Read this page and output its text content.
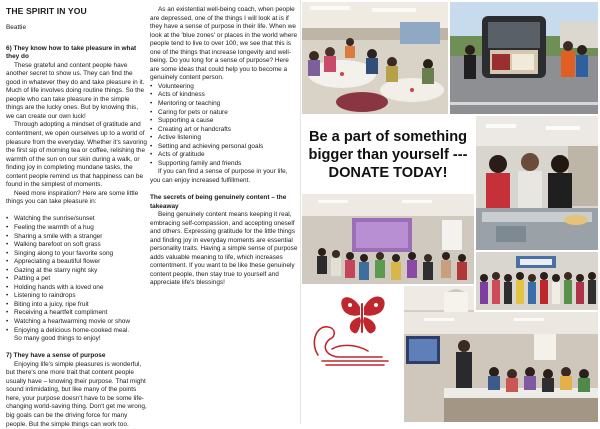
THE SPIRIT IN YOU
Beattie
6) They know how to take pleasure in what they do
These grateful and content people have another secret to show us. They can find the good in whatever they do and take pleasure in it. Much of life involves doing routine things. So the people who can take pleasure in the simple things are the lucky ones. But by knowing this, we can create our own luck!
Through adopting a mindset of gratitude and contentment, we open ourselves up to a world of pleasure from the everyday. Whether it's savoring the first sip of morning tea or coffee, relishing the warmth of the sun on our skin during a walk, or finding joy in completing mundane tasks, the content people remind us that happiness can be found in the simplest of moments.
Need more inspiration? Here are some little things you can take pleasure in:
• Watching the sunrise/sunset
• Feeling the warmth of a hug
• Sharing a smile with a stranger
• Walking barefoot on soft grass
• Singing along to your favorite song
• Appreciating a beautiful flower
• Gazing at the starry night sky
• Patting a pet
• Holding hands with a loved one
• Listening to raindrops
• Biting into a juicy, ripe fruit
• Receiving a heartfelt compliment
• Watching a heartwarming movie or show
• Enjoying a delicious home-cooked meal.
So many good things to enjoy!
7) They have a sense of purpose
Enjoying life's simple pleasures is wonderful, but there's one more trait that content people usually have – knowing their purpose. That might sound intimidating, but like many of the points here, your purpose doesn't have to be some life-changing world-saving thing. Don't get me wrong, big goals can be the driving force for many people. But the simple things can work too.
As an existential well-being coach, when people are depressed, one of the things I will look at is if they have a sense of purpose in their life. When we look at the 'blue zones' or places in the world where people tend to live to over 100, we see that this is one of the things that increase longevity and well-being. Do you long for a sense of purpose? Here are some ideas that could help you to become a genuinely content person.
• Volunteering
• Acts of kindness
• Mentoring or teaching
• Caring for pets or nature
• Supporting a cause
• Creating art or handcrafts
• Active listening
• Setting and achieving personal goals
• Acts of gratitude
• Supporting family and friends
If you can find a sense of purpose in your life, you can enjoy increased fulfillment.
The secrets of being genuinely content – the takeaway
Being genuinely content means keeping it real, embracing self-compassion, and accepting oneself and others. Expressing gratitude for the little things and finding joy in everyday moments are essential personality traits. Having a simple sense of purpose adds valuable meaning to life, which increases contentment. If you want to be like these genuinely content people, then stay true to yourself and appreciate life's blessings!
Be a part of something
bigger than yourself ---
DONATE TODAY!
